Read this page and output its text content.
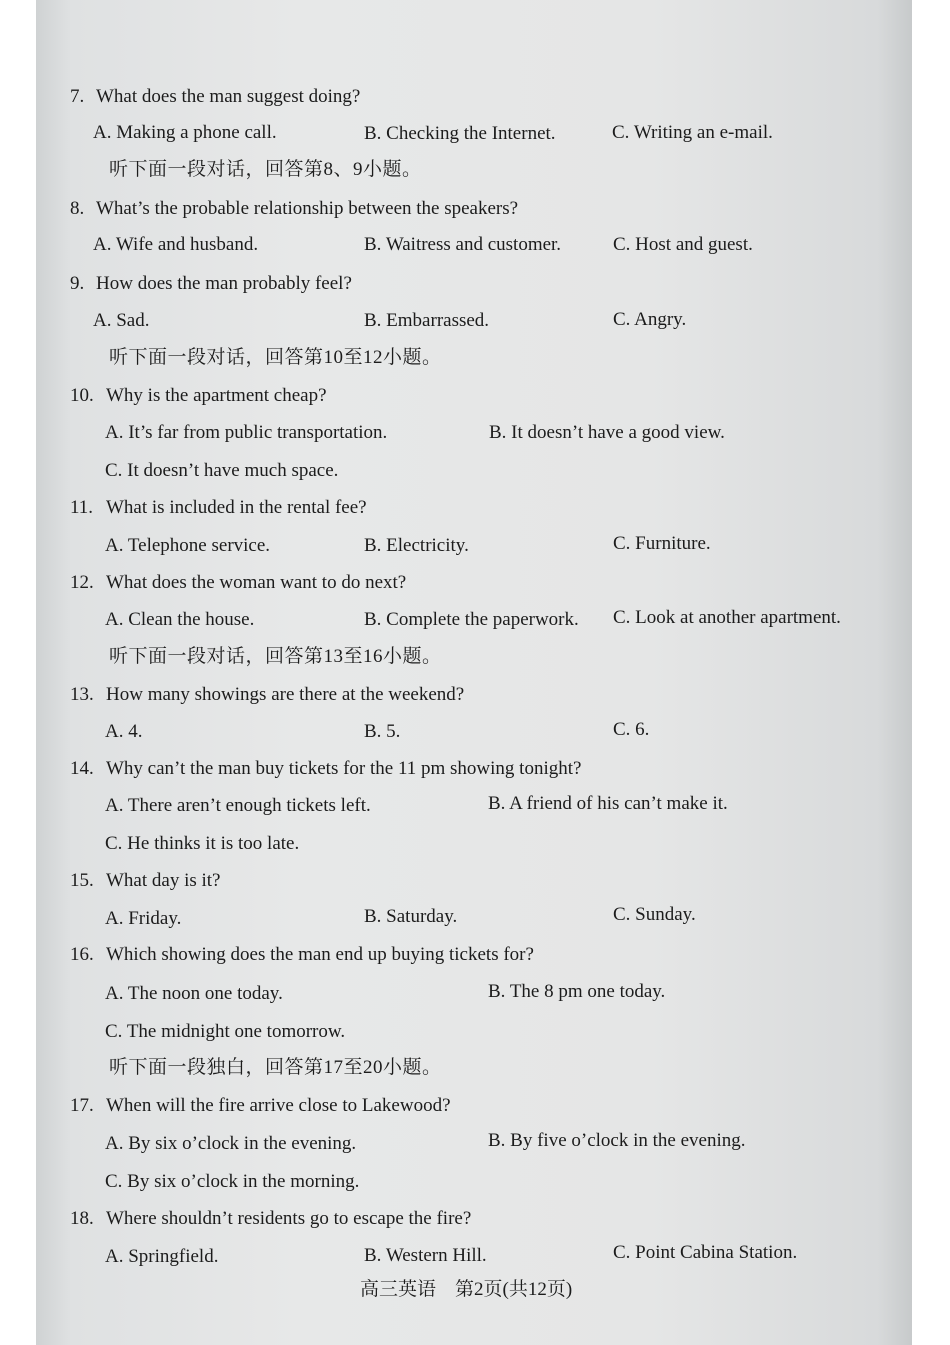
7. What does the man suggest doing?
A. Making a phone call.	B. Checking the Internet.	C. Writing an e-mail.
听下面一段对话，回答第8、9小题。
8. What’s the probable relationship between the speakers?
A. Wife and husband.	B. Waitress and customer.	C. Host and guest.
9. How does the man probably feel?
A. Sad.	B. Embarrassed.	C. Angry.
听下面一段对话，回答第10至12小题。
10. Why is the apartment cheap?
A. It’s far from public transportation.	B. It doesn’t have a good view.
C. It doesn’t have much space.
11. What is included in the rental fee?
A. Telephone service.	B. Electricity.	C. Furniture.
12. What does the woman want to do next?
A. Clean the house.	B. Complete the paperwork. C. Look at another apartment.
听下面一段对话，回答第13至16小题。
13. How many showings are there at the weekend?
A. 4.	B. 5.	C. 6.
14. Why can’t the man buy tickets for the 11 pm showing tonight?
A. There aren’t enough tickets left.	B. A friend of his can’t make it.
C. He thinks it is too late.
15. What day is it?
A. Friday.	B. Saturday.	C. Sunday.
16. Which showing does the man end up buying tickets for?
A. The noon one today.	B. The 8 pm one today.
C. The midnight one tomorrow.
听下面一段独白，回答第17至20小题。
17. When will the fire arrive close to Lakewood?
A. By six o’clock in the evening.	B. By five o’clock in the evening.
C. By six o’clock in the morning.
18. Where shouldn’t residents go to escape the fire?
A. Springfield.	B. Western Hill.	C. Point Cabina Station.
高三英语　第2页(共12页)
